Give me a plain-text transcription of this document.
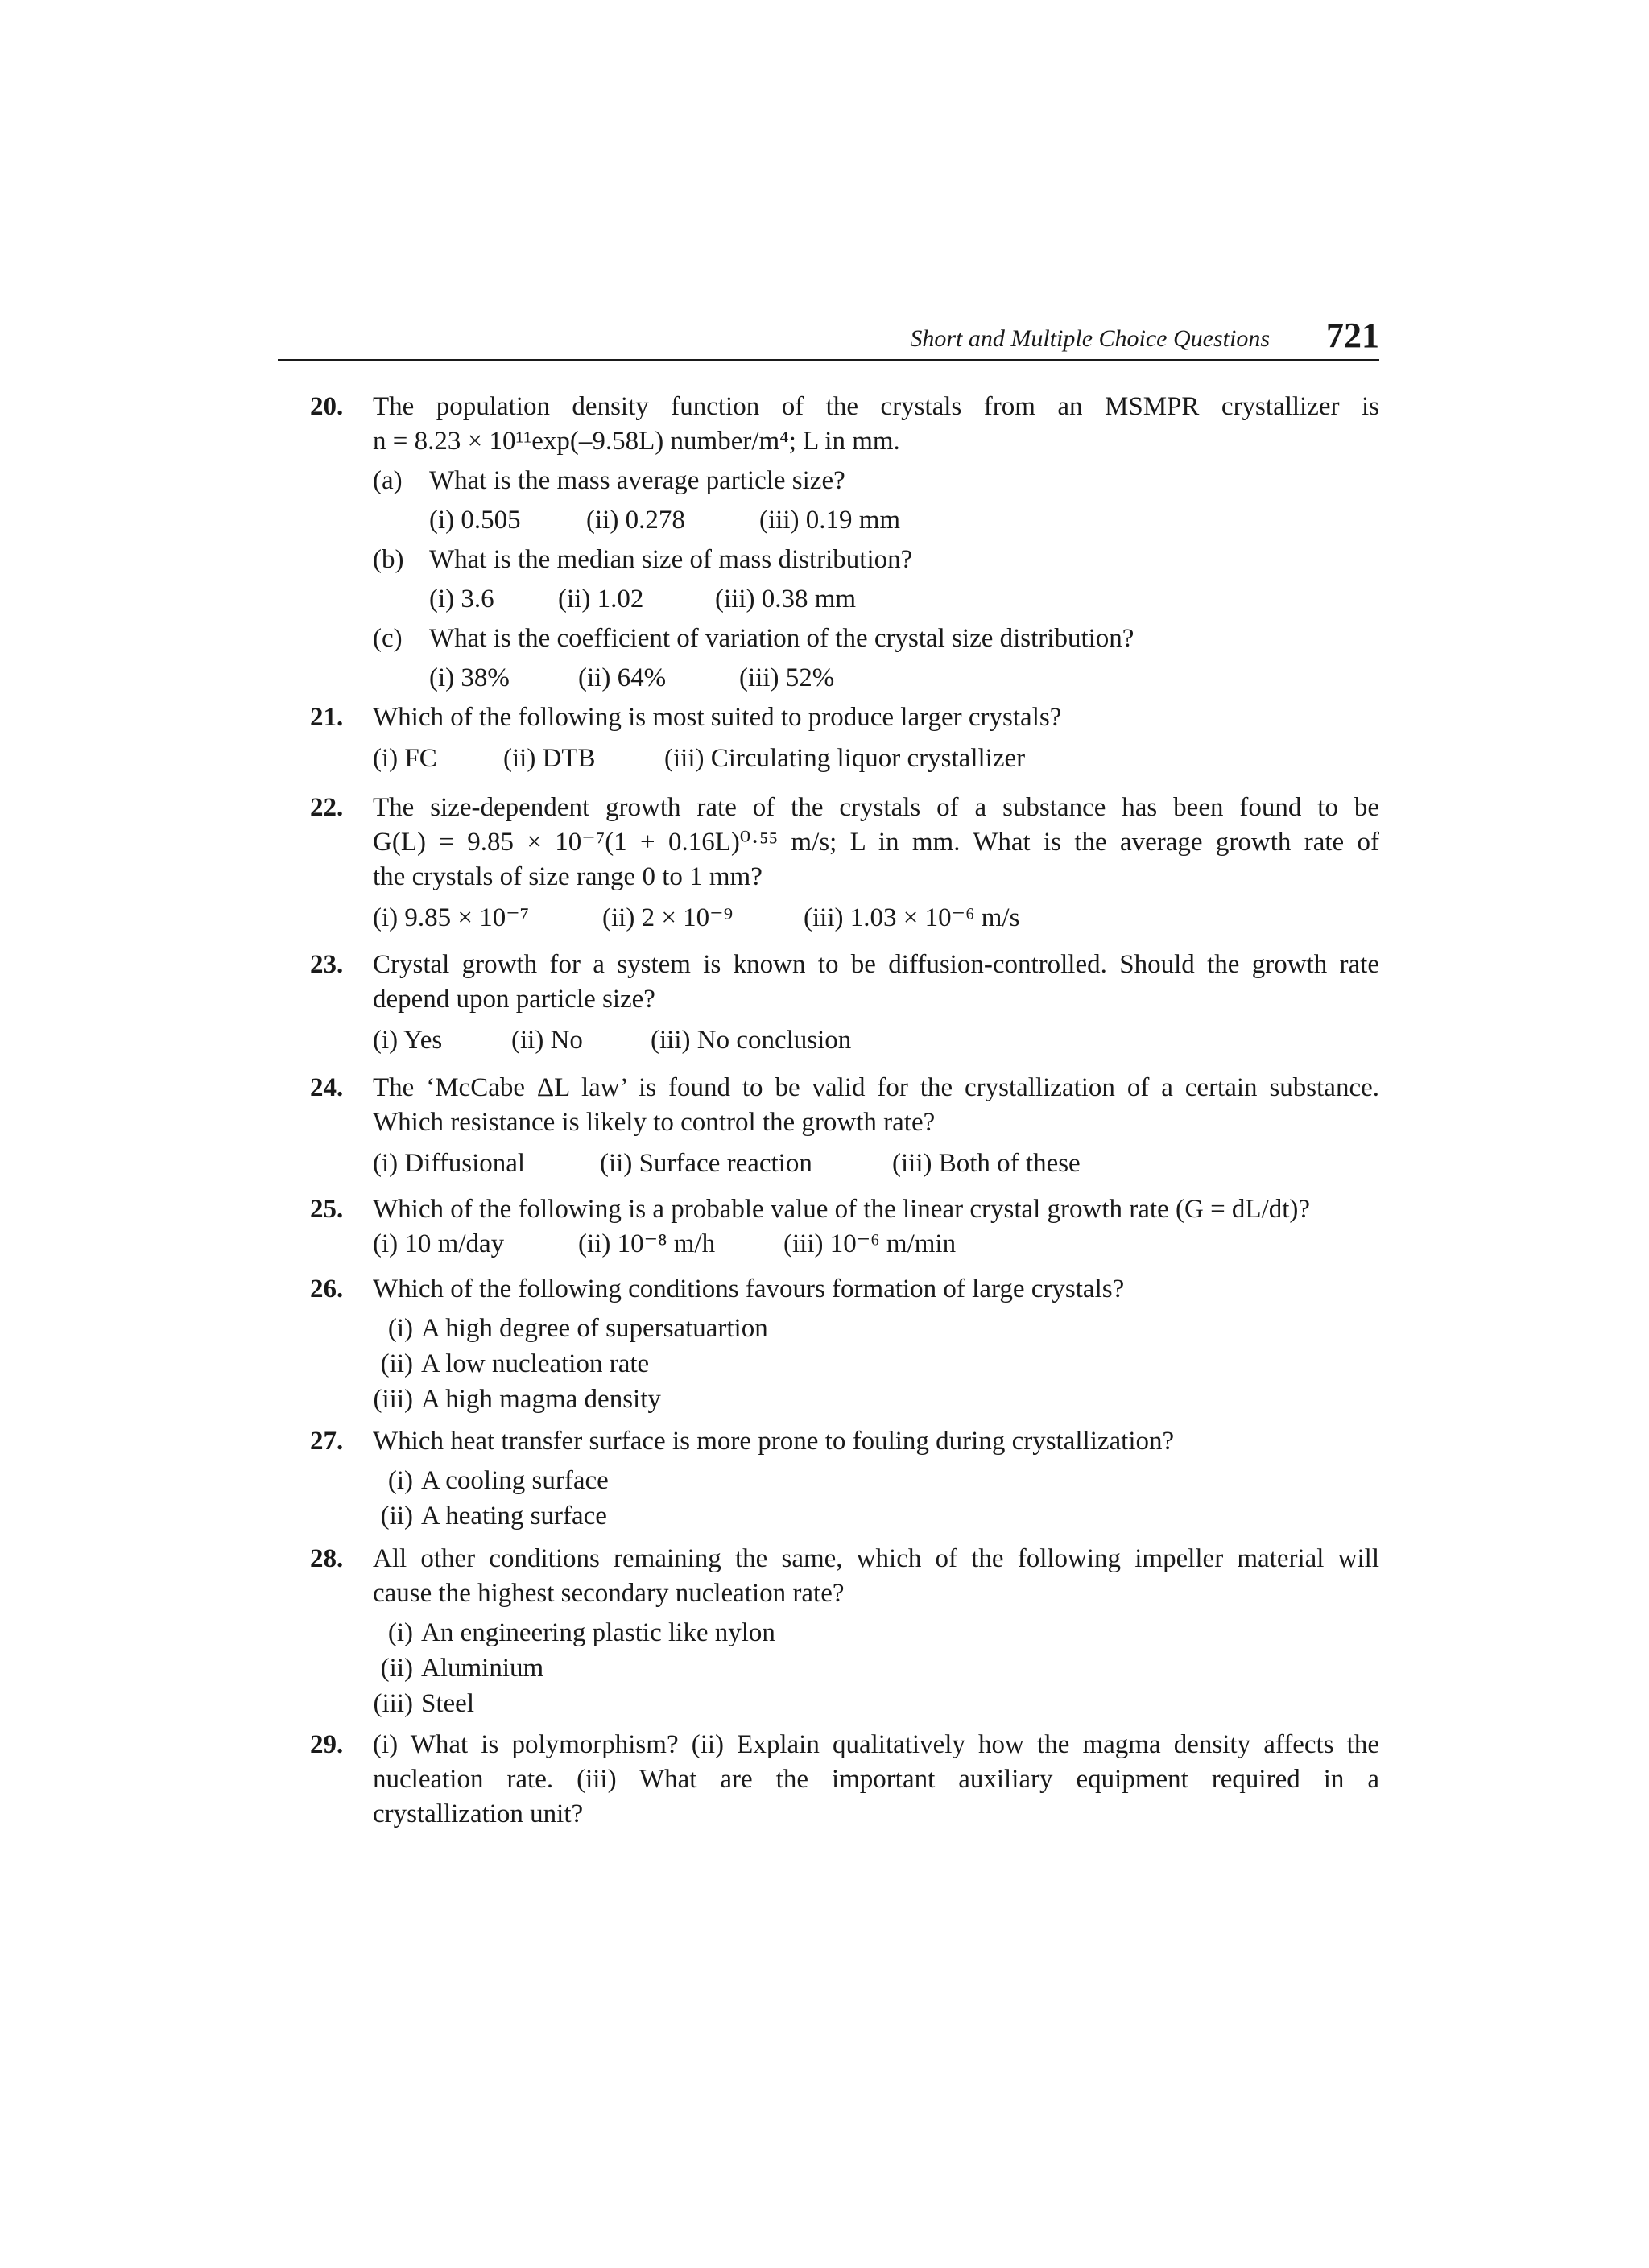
Short and Multiple Choice Questions 721
20. The population density function of the crystals from an MSMPR crystallizer is
n = 8.23 × 10¹¹exp(–9.58L) number/m⁴; L in mm.
(a) What is the mass average particle size?
(i) 0.505 (ii) 0.278	(iii) 0.19 mm
(b) What is the median size of mass distribution?
(i) 3.6 (ii) 1.02	(iii) 0.38 mm
(c) What is the coefficient of variation of the crystal size distribution?
(i) 38%	(ii) 64%	(iii) 52%
21. Which of the following is most suited to produce larger crystals?
(i) FC (ii) DTB	(iii) Circulating liquor crystallizer
22. The size-dependent growth rate of the crystals of a substance has been found to be
G(L) = 9.85 × 10⁻⁷(1 + 0.16L)⁰·⁵⁵ m/s; L in mm. What is the average growth rate of
the crystals of size range 0 to 1 mm?
(i) 9.85 × 10⁻⁷	(ii) 2 × 10⁻⁹	(iii) 1.03 × 10⁻⁶ m/s
23. Crystal growth for a system is known to be diffusion-controlled. Should the growth rate
depend upon particle size?
(i) Yes	(ii) No	(iii) No conclusion
24. The ‘McCabe ΔL law’ is found to be valid for the crystallization of a certain substance.
Which resistance is likely to control the growth rate?
(i) Diffusional	(ii) Surface reaction	(iii) Both of these
25. Which of the following is a probable value of the linear crystal growth rate (G = dL/dt)?
(i) 10 m/day	(ii) 10⁻⁸ m/h	(iii) 10⁻⁶ m/min
26. Which of the following conditions favours formation of large crystals?
(i) A high degree of supersatuartion
(ii) A low nucleation rate
(iii) A high magma density
27. Which heat transfer surface is more prone to fouling during crystallization?
(i) A cooling surface
(ii) A heating surface
28. All other conditions remaining the same, which of the following impeller material will
cause the highest secondary nucleation rate?
(i) An engineering plastic like nylon
(ii) Aluminium
(iii) Steel
29. (i) What is polymorphism? (ii) Explain qualitatively how the magma density affects the
nucleation rate. (iii) What are the important auxiliary equipment required in a
crystallization unit?
